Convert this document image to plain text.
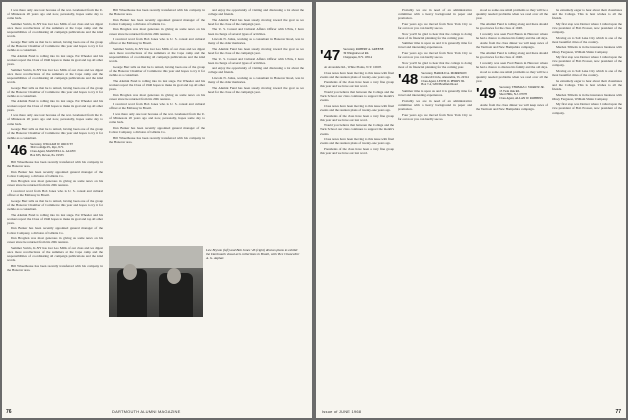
I was there only one tour because of the war. Graduated from the U. of Minnesota 20 years ago and now, personally, hopes some day to come back.

Semmer Swiris, K-NY has lost Leo Mills of our class and we digest once more recollections of the summers at the Cape camp and the responsibilities of coordinating all campaign publications and the kind words.

George Barr tells us that he is retired, having been one of the group of the Hanover Chamber of Commerce this year and hopes to try it for awhile as a consultant.

The Alumni Fund is rolling into its last stage. Pat Wheeler and his workers report the Class of 1946 hopes to make its goal and top all other years.

Semmer Swiris, K-NY has lost Leo Mills of our class and we digest once more recollections of the summers at the Cape camp and the responsibilities of coordinating all campaign publications and the kind words.

George Barr tells us that he is retired, having been one of the group of the Hanover Chamber of Commerce this year and hopes to try it for awhile as a consultant.

The Alumni Fund is rolling into its last stage. Pat Wheeler and his workers report the Class of 1946 hopes to make its goal and top all other years.

I was there only one tour because of the war. Graduated from the U. of Minnesota 20 years ago and now, personally, hopes some day to come back.

George Barr tells us that he is retired, having been one of the group of the Hanover Chamber of Commerce this year and hopes to try it for awhile as a consultant.

'46	Secretary, WILLIAM W. ORCUTT
304 Coolidge Pl., Rye, N.Y.
Class Agent, MAXWELL G. ALLEN
Box 635, Devon, Pa. 19333

Bill Wheelhouse has been recently transferred with his company in the Hanover area.

Dan Barker has been recently appointed general manager of the Colton Company, a division of Gillette Co.

Dan Brogden was most generous in giving us some news on his career since he returned from his 20th reunion.

I received word from Bob Jones who is U. S. consul and cultural officer at the Embassy in Brazil.

George Barr tells us that he is retired, having been one of the group of the Hanover Chamber of Commerce this year and hopes to try it for awhile as a consultant.

The Alumni Fund is rolling into its last stage. Pat Wheeler and his workers report the Class of 1946 hopes to make its goal and top all other years.

Dan Barker has been recently appointed general manager of the Colton Company, a division of Gillette Co.

Dan Brogden was most generous in giving us some news on his career since he returned from his 20th reunion.

Semmer Swiris, K-NY has lost Leo Mills of our class and we digest once more recollections of the summers at the Cape camp and the responsibilities of coordinating all campaign publications and the kind words.

Bill Wheelhouse has been recently transferred with his company in the Hanover area.

Bill Wheelhouse has been recently transferred with his company in the Hanover area.

Dan Barker has been recently appointed general manager of the Colton Company, a division of Gillette Co.

Dan Brogden was most generous in giving us some news on his career since he returned from his 20th reunion.

I received word from Bob Jones who is U. S. consul and cultural officer at the Embassy in Brazil.

Semmer Swiris, K-NY has lost Leo Mills of our class and we digest once more recollections of the summers at the Cape camp and the responsibilities of coordinating all campaign publications and the kind words.

George Barr tells us that he is retired, having been one of the group of the Hanover Chamber of Commerce this year and hopes to try it for awhile as a consultant.

The Alumni Fund is rolling into its last stage. Pat Wheeler and his workers report the Class of 1946 hopes to make its goal and top all other years.

Dan Brogden was most generous in giving us some news on his career since he returned from his 20th reunion.

I received word from Bob Jones who is U. S. consul and cultural officer at the Embassy in Brazil.

I was there only one tour because of the war. Graduated from the U. of Minnesota 20 years ago and now, personally, hopes some day to come back.

Dan Barker has been recently appointed general manager of the Colton Company, a division of Gillette Co.

Bill Wheelhouse has been recently transferred with his company in the Hanover area.

and enjoy the opportunity of visiting and discussing a lot about the college and friends.

The Alumni Fund has been steady moving toward the goal as we head for the close of the campaign year.

The U. S. Consul and Cultural Affairs Officer with USIA, I have been in charge of several types of activities.

Lincoln N. Johns, working as a consultant in Hanover Road, was in many of the older memories.

The Alumni Fund has been steady moving toward the goal as we head for the close of the campaign year.

The U. S. Consul and Cultural Affairs Officer with USIA, I have been in charge of several types of activities.

and enjoy the opportunity of visiting and discussing a lot about the college and friends.

Lincoln N. Johns, working as a consultant in Hanover Road, was in many of the older memories.

The Alumni Fund has been steady moving toward the goal as we head for the close of the campaign year.

Lew Bryson (left) and Bob Jones '46 (right) discuss plans to exhibit the Dartmouth visual arts collections in Brazil, with Vice Chancellor A. G. Asphar.
76	DARTMOUTH ALUMNI MAGAZINE
'47	Secretary, ROBERT A. GREENE
39 Wingnutwood Rd.
Chappaqua, N.Y. 10514

At Avondale Rd., White Plains, N.Y. 10605

Class notes have been moving to this issue with final events and the reunion plans of twenty-one years ago.

Presidents of the class have been a very fine group this year and we have our last word.

Would you believe that between the College and the Tuck School our class continues to support the month's events.

Class notes have been moving to this issue with final events and the reunion plans of twenty-one years ago.

Presidents of the class have been a very fine group this year and we have our last word.

Would you believe that between the College and the Tuck School our class continues to support the month's events.

Class notes have been moving to this issue with final events and the reunion plans of twenty-one years ago.

Presidents of the class have been a very fine group this year and we have our last word.

Probably we are in need of an administrative committee with a heavy background in paper and promotion.

Four years ago we moved from New York City so far out now you can hardly see us.

Now you'll be glad to hear that the college is doing most of its financial planning for the coming year.

Summer time is upon us and it is generally time for travel and interesting experiences.

Four years ago we moved from New York City so far out now you can hardly see us.

Now you'll be glad to hear that the college is doing most of its financial planning for the coming year.

'48	Secretary, HAROLD A. MORRISON
Cornwall Circle, Alexandria, Va. 22314
Class Agent, LEWIS O. PERRY JR.
Box 7-4, 5200 Bradfield Road

Summer time is upon us and it is generally time for travel and interesting experiences.

Probably we are in need of an administrative committee with a heavy background in paper and promotion.

Four years ago we moved from New York City so far out now you can hardly see us.

stood so some one small problems so they will be a quantity needed problems when we read over all the year.

The Alumni Fund is rolling along and there should be good news for the class of 1948.

I recently was seen Fred Buren in Hanover where he had a chance to discuss his family and the old days.

Aside from the class dinner we will keep news of the Vermont and New Hampshire campaign.

The Alumni Fund is rolling along and there should be good news for the class of 1948.

I recently was seen Fred Buren in Hanover where he had a chance to discuss his family and the old days.

stood so some one small problems so they will be a quantity needed problems when we read over all the year.

'49	Secretary, THOMAS J. SWARTZ JR.
15 Twin Oak Rd.
Short Hills, N.J. 07078
Class Agent, ALLAN W. ROBBINS

Aside from the class dinner we will keep news of the Vermont and New Hampshire campaign.

be extremely eager to hear about their classmates and the College. This is best wishes to all the friends.

My first stop was Denver where I called upon the vice president of Bob Prosser, now president of the company.

Moving on to Salt Lake City which is one of the most beautiful cities of the country.

Marden Tibbetts is in the insurance business with Olney Ferguson, William Shinn Company.

My first stop was Denver where I called upon the vice president of Bob Prosser, now president of the company.

Moving on to Salt Lake City which is one of the most beautiful cities of the country.

be extremely eager to hear about their classmates and the College. This is best wishes to all the friends.

Marden Tibbetts is in the insurance business with Olney Ferguson, William Shinn Company.

My first stop was Denver where I called upon the vice president of Bob Prosser, now president of the company.

Issue of JUNE 1968	77
